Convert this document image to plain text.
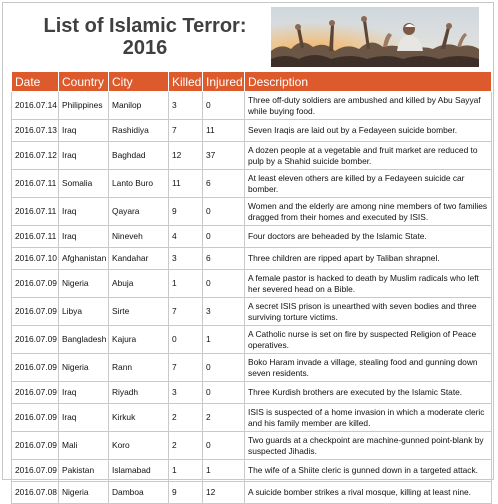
List of Islamic Terror: 2016
Date	Country	City	Killed	Injured	Description
2016.07.14	Philippines	Manilop	3	0	Three off-duty soldiers are ambushed and killed by Abu Sayyaf while buying food.
2016.07.13	Iraq	Rashidiya	7	11	Seven Iraqis are laid out by a Fedayeen suicide bomber.
2016.07.12	Iraq	Baghdad	12	37	A dozen people at a vegetable and fruit market are reduced to pulp by a Shahid suicide bomber.
2016.07.11	Somalia	Lanto Buro	11	6	At least eleven others are killed by a Fedayeen suicide car bomber.
2016.07.11	Iraq	Qayara	9	0	Women and the elderly are among nine members of two families dragged from their homes and executed by ISIS.
2016.07.11	Iraq	Nineveh	4	0	Four doctors are beheaded by the Islamic State.
2016.07.10	Afghanistan	Kandahar	3	6	Three children are ripped apart by Taliban shrapnel.
2016.07.09	Nigeria	Abuja	1	0	A female pastor is hacked to death by Muslim radicals who left her severed head on a Bible.
2016.07.09	Libya	Sirte	7	3	A secret ISIS prison is unearthed with seven bodies and three surviving torture victims.
2016.07.09	Bangladesh	Kajura	0	1	A Catholic nurse is set on fire by suspected Religion of Peace operatives.
2016.07.09	Nigeria	Rann	7	0	Boko Haram invade a village, stealing food and gunning down seven residents.
2016.07.09	Iraq	Riyadh	3	0	Three Kurdish brothers are executed by the Islamic State.
2016.07.09	Iraq	Kirkuk	2	2	ISIS is suspected of a home invasion in which a moderate cleric and his family member are killed.
2016.07.09	Mali	Koro	2	0	Two guards at a checkpoint are machine-gunned point-blank by suspected Jihadis.
2016.07.09	Pakistan	Islamabad	1	1	The wife of a Shiite cleric is gunned down in a targeted attack.
2016.07.08	Nigeria	Damboa	9	12	A suicide bomber strikes a rival mosque, killing at least nine.
